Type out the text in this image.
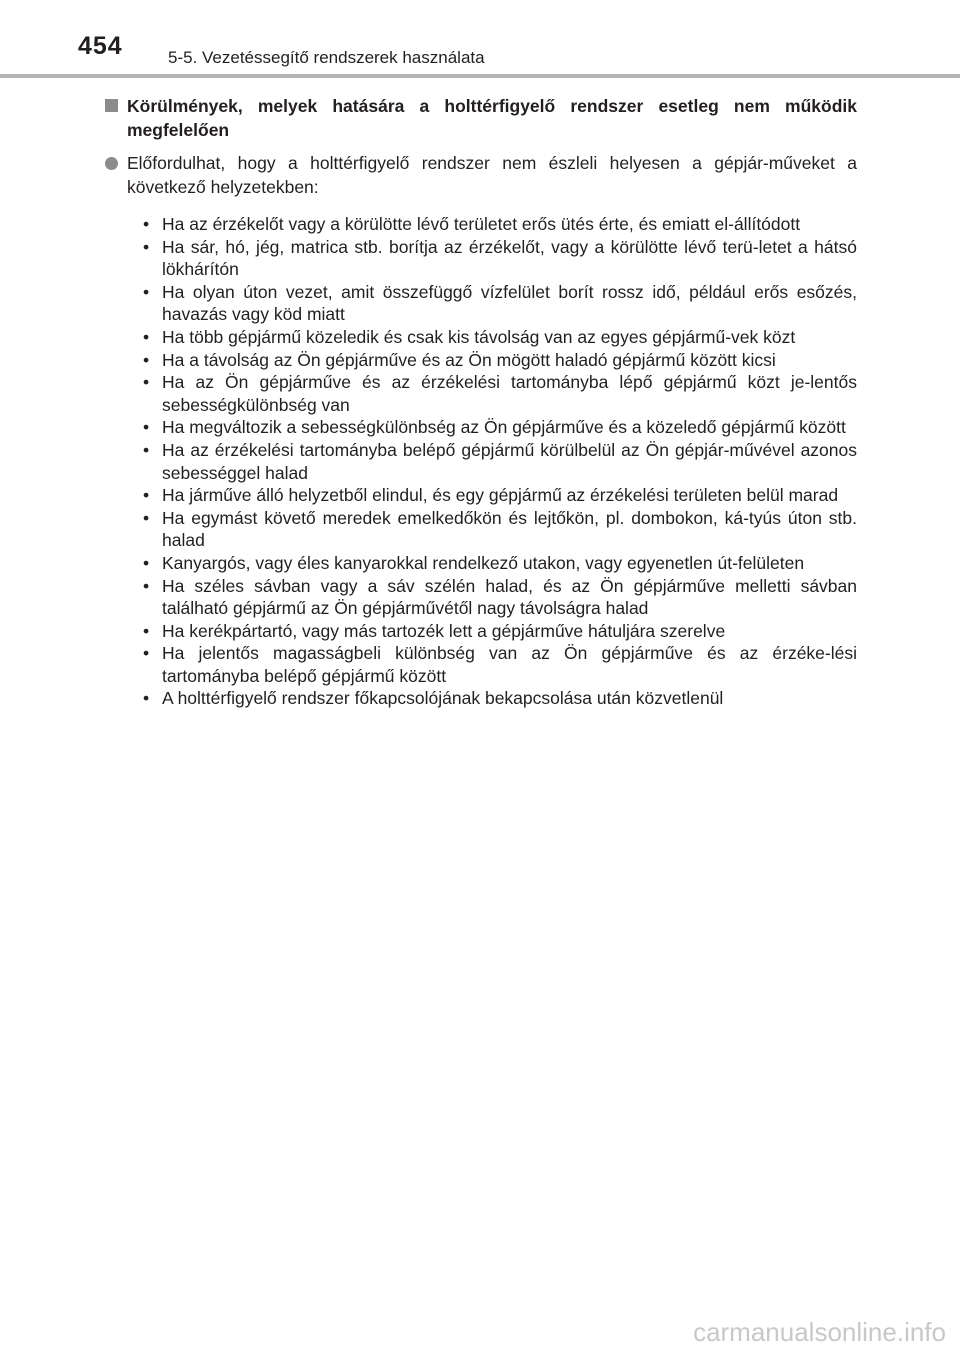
454	5-5. Vezetéssegítő rendszerek használata
Körülmények, melyek hatására a holttérfigyelő rendszer esetleg nem működik megfelelően
Előfordulhat, hogy a holttérfigyelő rendszer nem észleli helyesen a gépjár-műveket a következő helyzetekben:
• Ha az érzékelőt vagy a körülötte lévő területet erős ütés érte, és emiatt el-állítódott
• Ha sár, hó, jég, matrica stb. borítja az érzékelőt, vagy a körülötte lévő terü-letet a hátsó lökhárítón
• Ha olyan úton vezet, amit összefüggő vízfelület borít rossz idő, például erős esőzés, havazás vagy köd miatt
• Ha több gépjármű közeledik és csak kis távolság van az egyes gépjármű-vek közt
• Ha a távolság az Ön gépjárműve és az Ön mögött haladó gépjármű között kicsi
• Ha az Ön gépjárműve és az érzékelési tartományba lépő gépjármű közt je-lentős sebességkülönbség van
• Ha megváltozik a sebességkülönbség az Ön gépjárműve és a közeledő gépjármű között
• Ha az érzékelési tartományba belépő gépjármű körülbelül az Ön gépjár-művével azonos sebességgel halad
• Ha járműve álló helyzetből elindul, és egy gépjármű az érzékelési területen belül marad
• Ha egymást követő meredek emelkedőkön és lejtőkön, pl. dombokon, ká-tyús úton stb. halad
• Kanyargós, vagy éles kanyarokkal rendelkező utakon, vagy egyenetlen út-felületen
• Ha széles sávban vagy a sáv szélén halad, és az Ön gépjárműve melletti sávban található gépjármű az Ön gépjárművétől nagy távolságra halad
• Ha kerékpártartó, vagy más tartozék lett a gépjárműve hátuljára szerelve
• Ha jelentős magasságbeli különbség van az Ön gépjárműve és az érzéke-lési tartományba belépő gépjármű között
• A holttérfigyelő rendszer főkapcsolójának bekapcsolása után közvetlenül
carmanualsonline.info
